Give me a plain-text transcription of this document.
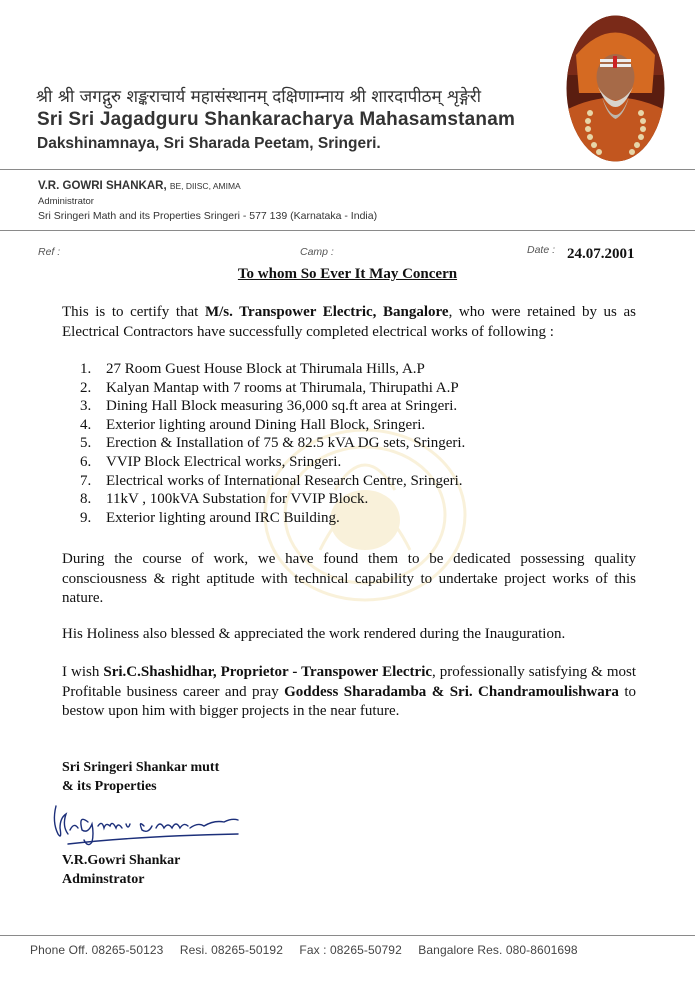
श्री श्री जगद्गुरु शङ्कराचार्य महासंस्थानम् दक्षिणाम्नाय श्री शारदापीठम् शृङ्गेरी
Sri Sri Jagadguru Shankaracharya Mahasamstanam
Dakshinamnaya, Sri Sharada Peetam, Sringeri.
V.R. GOWRI SHANKAR, BE, DIISC, AMIMA
Administrator
Sri Sringeri Math and its Properties Sringeri - 577 139 (Karnataka - India)
Ref :	Camp :	Date : 24.07.2001
To whom So Ever It May Concern
This is to certify that M/s. Transpower Electric, Bangalore, who were retained by us as Electrical Contractors have successfully completed electrical works of following :
1. 27 Room Guest House Block at Thirumala Hills, A.P
2. Kalyan Mantap with 7 rooms at Thirumala, Thirupathi A.P
3. Dining Hall Block measuring 36,000 sq.ft area at Sringeri.
4. Exterior lighting around Dining Hall Block, Sringeri.
5. Erection & Installation of 75 & 82.5 kVA DG sets, Sringeri.
6. VVIP Block Electrical works, Sringeri.
7. Electrical works of International Research Centre, Sringeri.
8. 11kV , 100kVA Substation for VVIP Block.
9. Exterior lighting around IRC Building.
During the course of work, we have found them to be dedicated possessing quality consciousness & right aptitude with technical capability to undertake project works of this nature.
His Holiness also blessed & appreciated the work rendered during the Inauguration.
I wish Sri.C.Shashidhar, Proprietor - Transpower Electric, professionally satisfying & most Profitable business career and pray Goddess Sharadamba & Sri. Chandramoulishwara to bestow upon him with bigger projects in the near future.
Sri Sringeri Shankar mutt
& its Properties
V.R.Gowri Shankar
Adminstrator
Phone Off. 08265-50123 Resi. 08265-50192 Fax : 08265-50792 Bangalore Res. 080-8601698
